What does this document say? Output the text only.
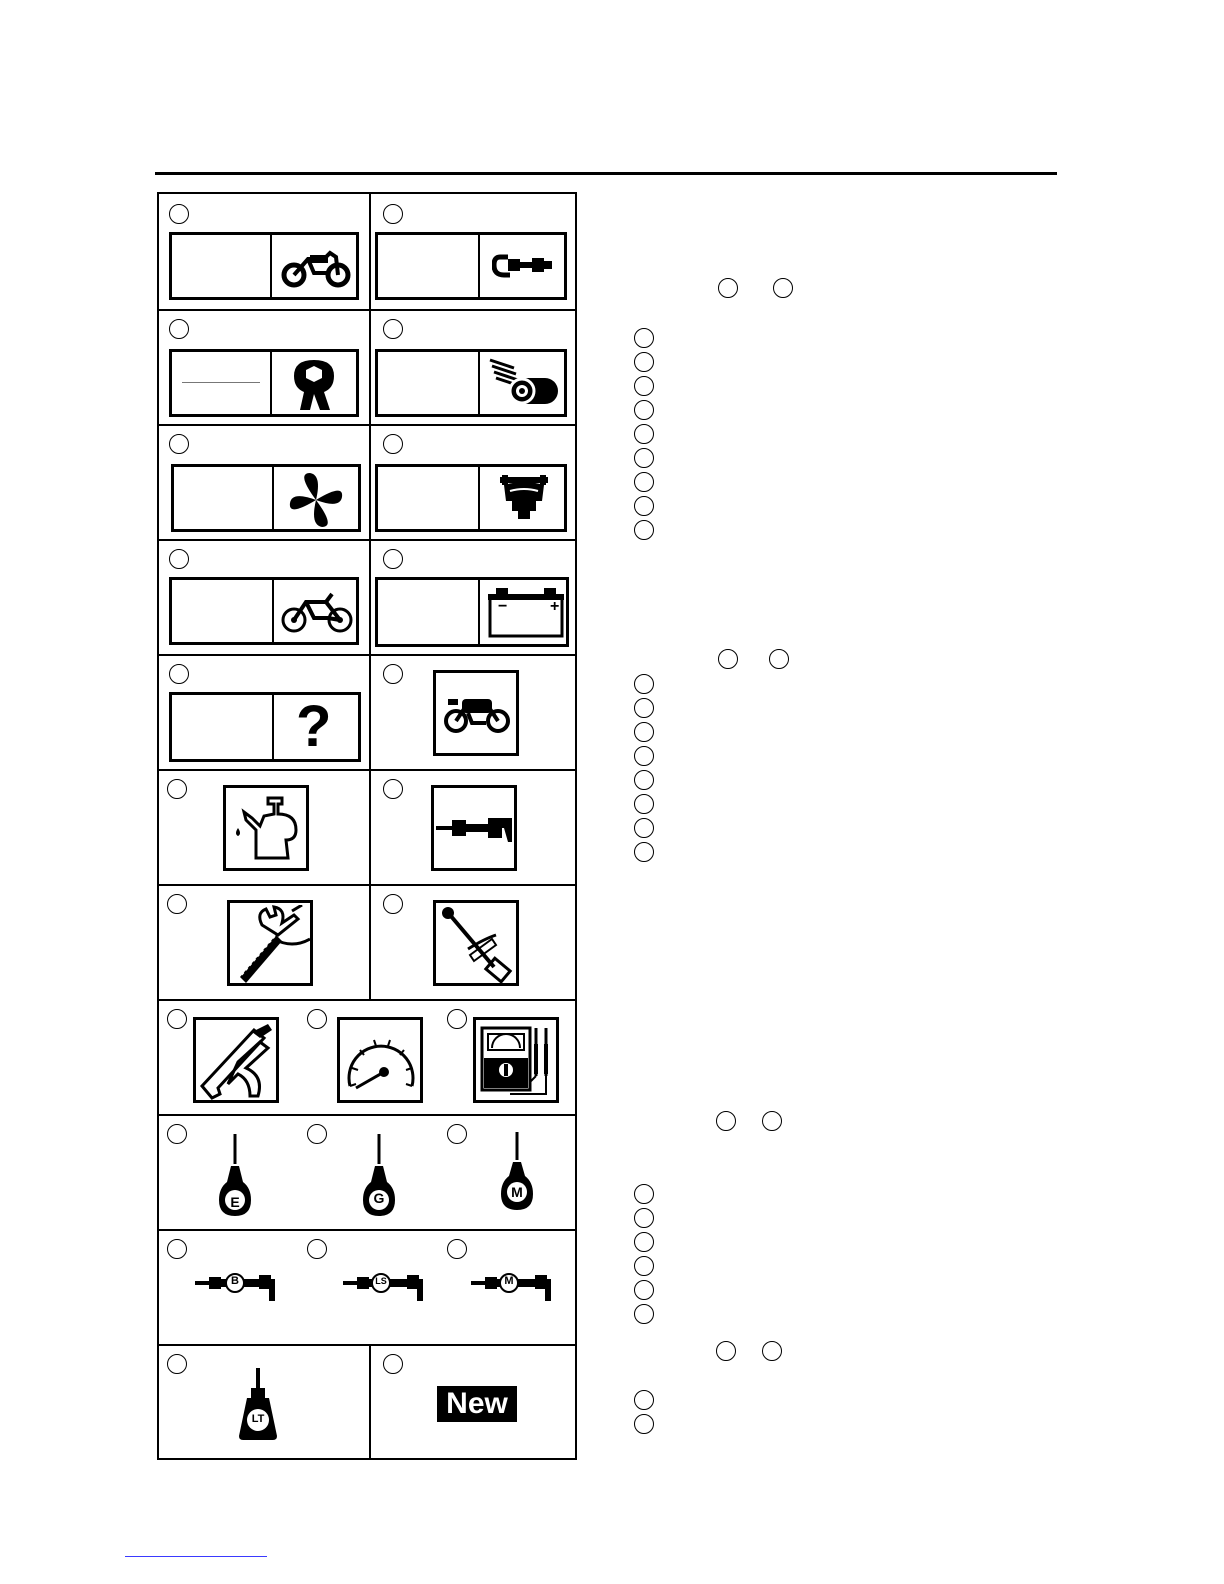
−	+
?
E	G	M
B	LS	M
LT	New
